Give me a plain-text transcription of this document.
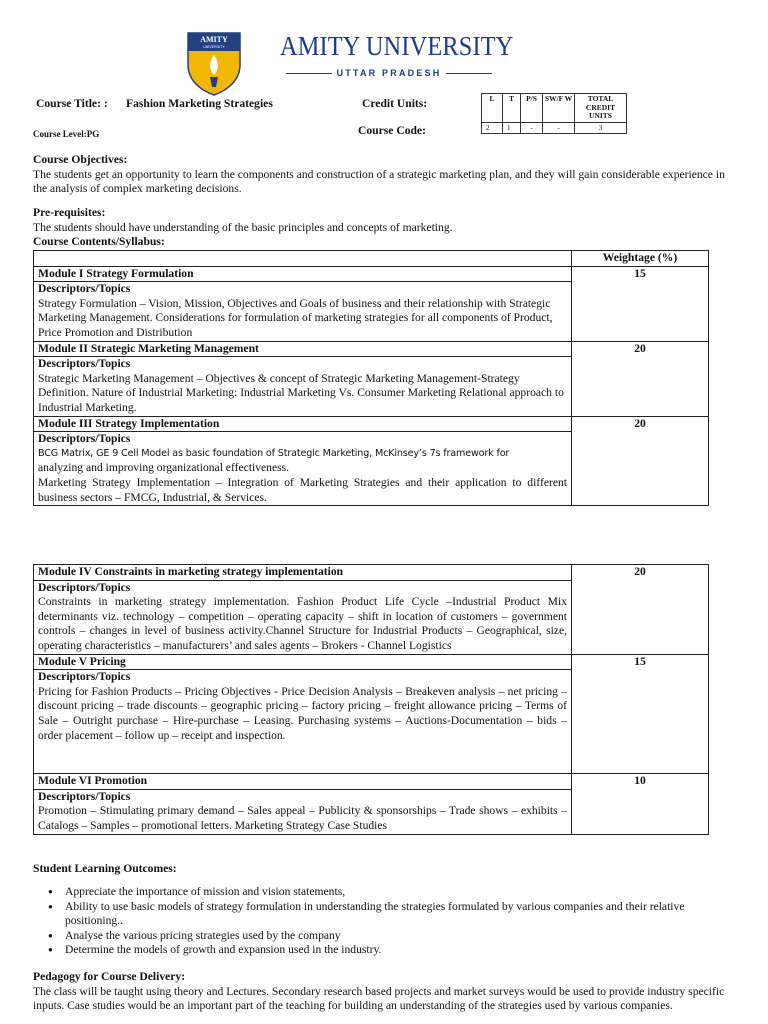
AMITY
UNIVERSITY AMITY UNIVERSITY
UTTAR PRADESH
Course Title: : Fashion Marketing Strategies	Credit Units:
Course Level:PG	Course Code:
L	T	P/S	SW/F W	TOTAL CREDIT UNITS
2	1	-	-	3
Course Objectives:
The students get an opportunity to learn the components and construction of a strategic marketing plan, and they will gain considerable experience in the analysis of complex marketing decisions.
Pre-requisites:
The students should have understanding of the basic principles and concepts of marketing.
Course Contents/Syllabus:
	Weightage (%)
Module I Strategy Formulation	15

Descriptors/Topics
Strategy Formulation – Vision, Mission, Objectives and Goals of business and their relationship with Strategic Marketing Management. Considerations for formulation of marketing strategies for all components of Product, Price Promotion and Distribution	

Module II Strategic Marketing Management	20

Descriptors/Topics
Strategic Marketing Management – Objectives & concept of Strategic Marketing Management-Strategy Definition. Nature of Industrial Marketing: Industrial Marketing Vs. Consumer Marketing Relational approach to Industrial Marketing.	

Module III Strategy Implementation	20

Descriptors/Topics
BCG Matrix, GE 9 Cell Model as basic foundation of Strategic Marketing, McKinsey’s 7s framework for
analyzing and improving organizational effectiveness.
Marketing Strategy Implementation – Integration of Marketing Strategies and their application to different business sectors – FMCG, Industrial, & Services.	
Module IV Constraints in marketing strategy implementation	20

Descriptors/Topics
Constraints in marketing strategy implementation. Fashion Product Life Cycle –Industrial Product Mix determinants viz. technology – competition – operating capacity – shift in location of customers – government controls – changes in level of business activity.Channel Structure for Industrial Products – Geographical, size, operating characteristics – manufacturers’ and sales agents – Brokers - Channel Logistics	

Module V Pricing	15

Descriptors/Topics
Pricing for Fashion Products – Pricing Objectives - Price Decision Analysis – Breakeven analysis – net pricing – discount pricing – trade discounts – geographic pricing – factory pricing – freight allowance pricing – Terms of Sale – Outright purchase – Hire-purchase – Leasing. Purchasing systems – Auctions-Documentation – bids – order placement – follow up – receipt and inspection.	

Module VI Promotion	10

Descriptors/Topics
Promotion – Stimulating primary demand – Sales appeal – Publicity & sponsorships – Trade shows – exhibits – Catalogs – Samples – promotional letters. Marketing Strategy Case Studies	
Student Learning Outcomes:
● Appreciate the importance of mission and vision statements,
● Ability to use basic models of strategy formulation in understanding the strategies formulated by various companies and their relative positioning..
● Analyse the various pricing strategies used by the company
● Determine the models of growth and expansion used in the industry.
Pedagogy for Course Delivery:
The class will be taught using theory and Lectures. Secondary research based projects and market surveys would be used to provide industry specific inputs. Case studies would be an important part of the teaching for building an understanding of the strategies used by various companies.
